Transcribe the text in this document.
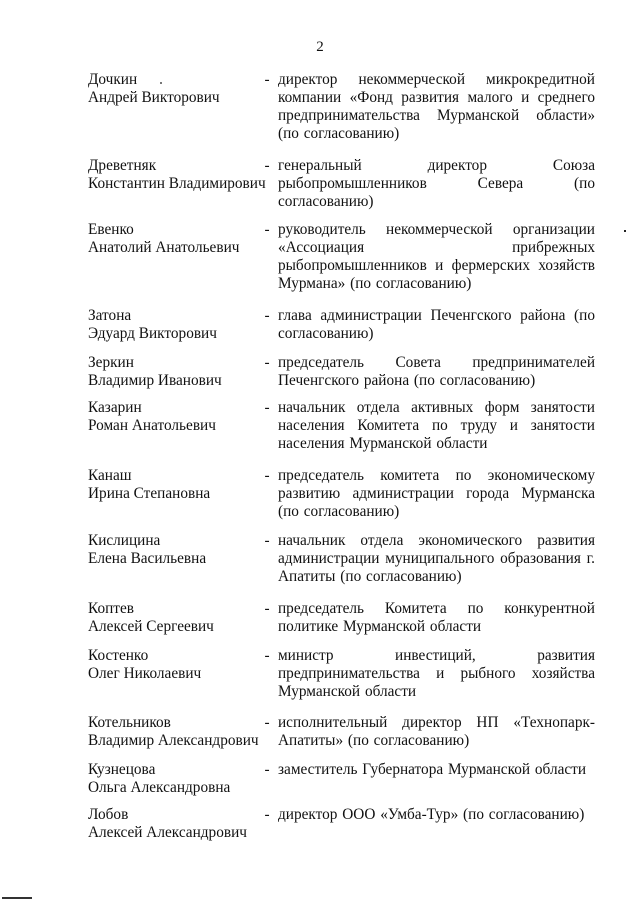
2
Дочкин
Андрей Викторович
- директор некоммерческой микрокредитной компании «Фонд развития малого и среднего предпринимательства Мурманской области» (по согласованию)
Древетняк
Константин Владимирович
- генеральный директор Союза рыбопромышленников Севера (по согласованию)
Евенко
Анатолий Анатольевич
- руководитель некоммерческой организации «Ассоциация прибрежных рыбопромышленников и фермерских хозяйств Мурмана» (по согласованию)
Затона
Эдуард Викторович
- глава администрации Печенгского района (по согласованию)
Зеркин
Владимир Иванович
- председатель Совета предпринимателей Печенгского района (по согласованию)
Казарин
Роман Анатольевич
- начальник отдела активных форм занятости населения Комитета по труду и занятости населения Мурманской области
Канаш
Ирина Степановна
- председатель комитета по экономическому развитию администрации города Мурманска (по согласованию)
Кислицина
Елена Васильевна
- начальник отдела экономического развития администрации муниципального образования г. Апатиты (по согласованию)
Коптев
Алексей Сергеевич
- председатель Комитета по конкурентной политике Мурманской области
Костенко
Олег Николаевич
- министр инвестиций, развития предпринимательства и рыбного хозяйства Мурманской области
Котельников
Владимир Александрович
- исполнительный директор НП «Технопарк-Апатиты» (по согласованию)
Кузнецова
Ольга Александровна
- заместитель Губернатора Мурманской области
Лобов
Алексей Александрович
- директор ООО «Умба-Тур» (по согласованию)
